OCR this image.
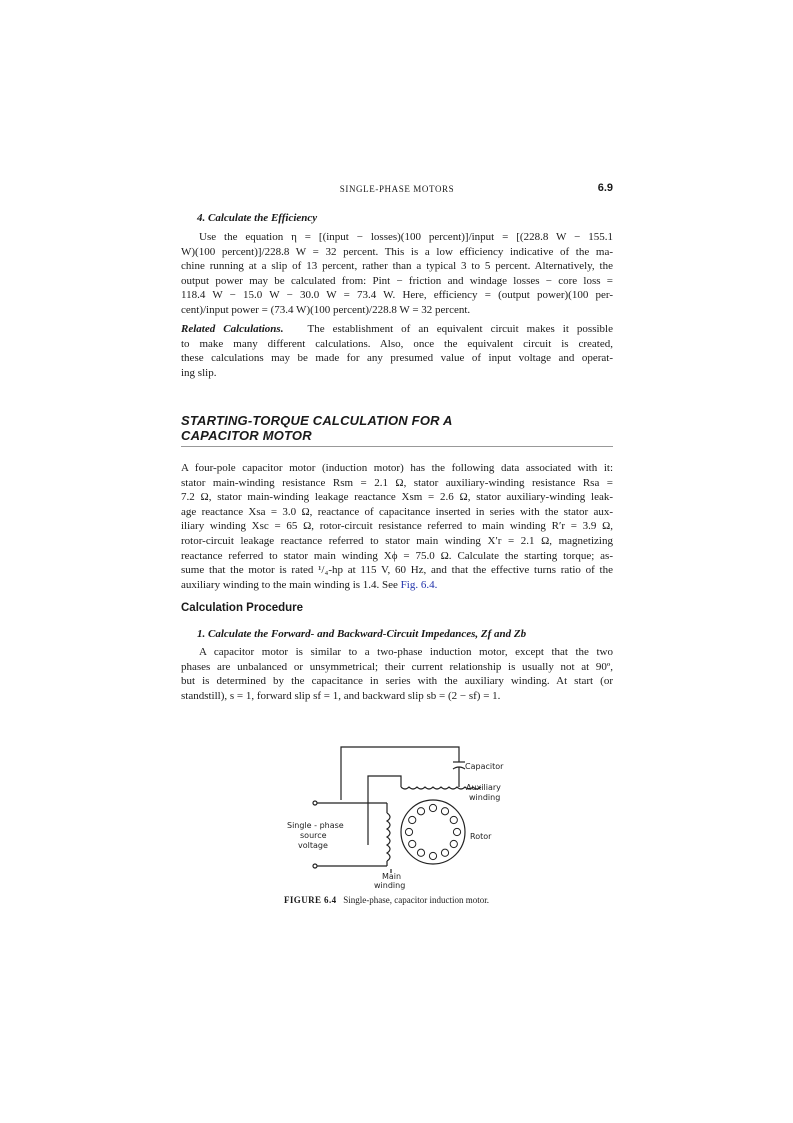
SINGLE-PHASE MOTORS	6.9
4. Calculate the Efficiency
Use the equation η = [(input − losses)(100 percent)]/input = [(228.8 W − 155.1
W)(100 percent)]/228.8 W = 32 percent. This is a low efficiency indicative of the ma-
chine running at a slip of 13 percent, rather than a typical 3 to 5 percent. Alternatively, the
output power may be calculated from: Pint − friction and windage losses − core loss =
118.4 W − 15.0 W − 30.0 W = 73.4 W. Here, efficiency = (output power)(100 per-
cent)/input power = (73.4 W)(100 percent)/228.8 W = 32 percent.
Related Calculations. The establishment of an equivalent circuit makes it possible
to make many different calculations. Also, once the equivalent circuit is created,
these calculations may be made for any presumed value of input voltage and operat-
ing slip.
STARTING-TORQUE CALCULATION FOR A
CAPACITOR MOTOR
A four-pole capacitor motor (induction motor) has the following data associated with it:
stator main-winding resistance Rsm = 2.1 Ω, stator auxiliary-winding resistance Rsa =
7.2 Ω, stator main-winding leakage reactance Xsm = 2.6 Ω, stator auxiliary-winding leak-
age reactance Xsa = 3.0 Ω, reactance of capacitance inserted in series with the stator aux-
iliary winding Xsc = 65 Ω, rotor-circuit resistance referred to main winding R′r = 3.9 Ω,
rotor-circuit leakage reactance referred to stator main winding X′r = 2.1 Ω, magnetizing
reactance referred to stator main winding Xϕ = 75.0 Ω. Calculate the starting torque; as-
sume that the motor is rated ¹/₄-hp at 115 V, 60 Hz, and that the effective turns ratio of the
auxiliary winding to the main winding is 1.4. See Fig. 6.4.
Calculation Procedure
1. Calculate the Forward- and Backward-Circuit Impedances, Zf and Zb
A capacitor motor is similar to a two-phase induction motor, except that the two
phases are unbalanced or unsymmetrical; their current relationship is usually not at 90º,
but is determined by the capacitance in series with the auxiliary winding. At start (or
standstill), s = 1, forward slip sf = 1, and backward slip sb = (2 − sf) = 1.
Capacitor
Auxiliary
winding
Single - phase
source
voltage
Rotor
Main
winding
FIGURE 6.4 Single-phase, capacitor induction motor.
